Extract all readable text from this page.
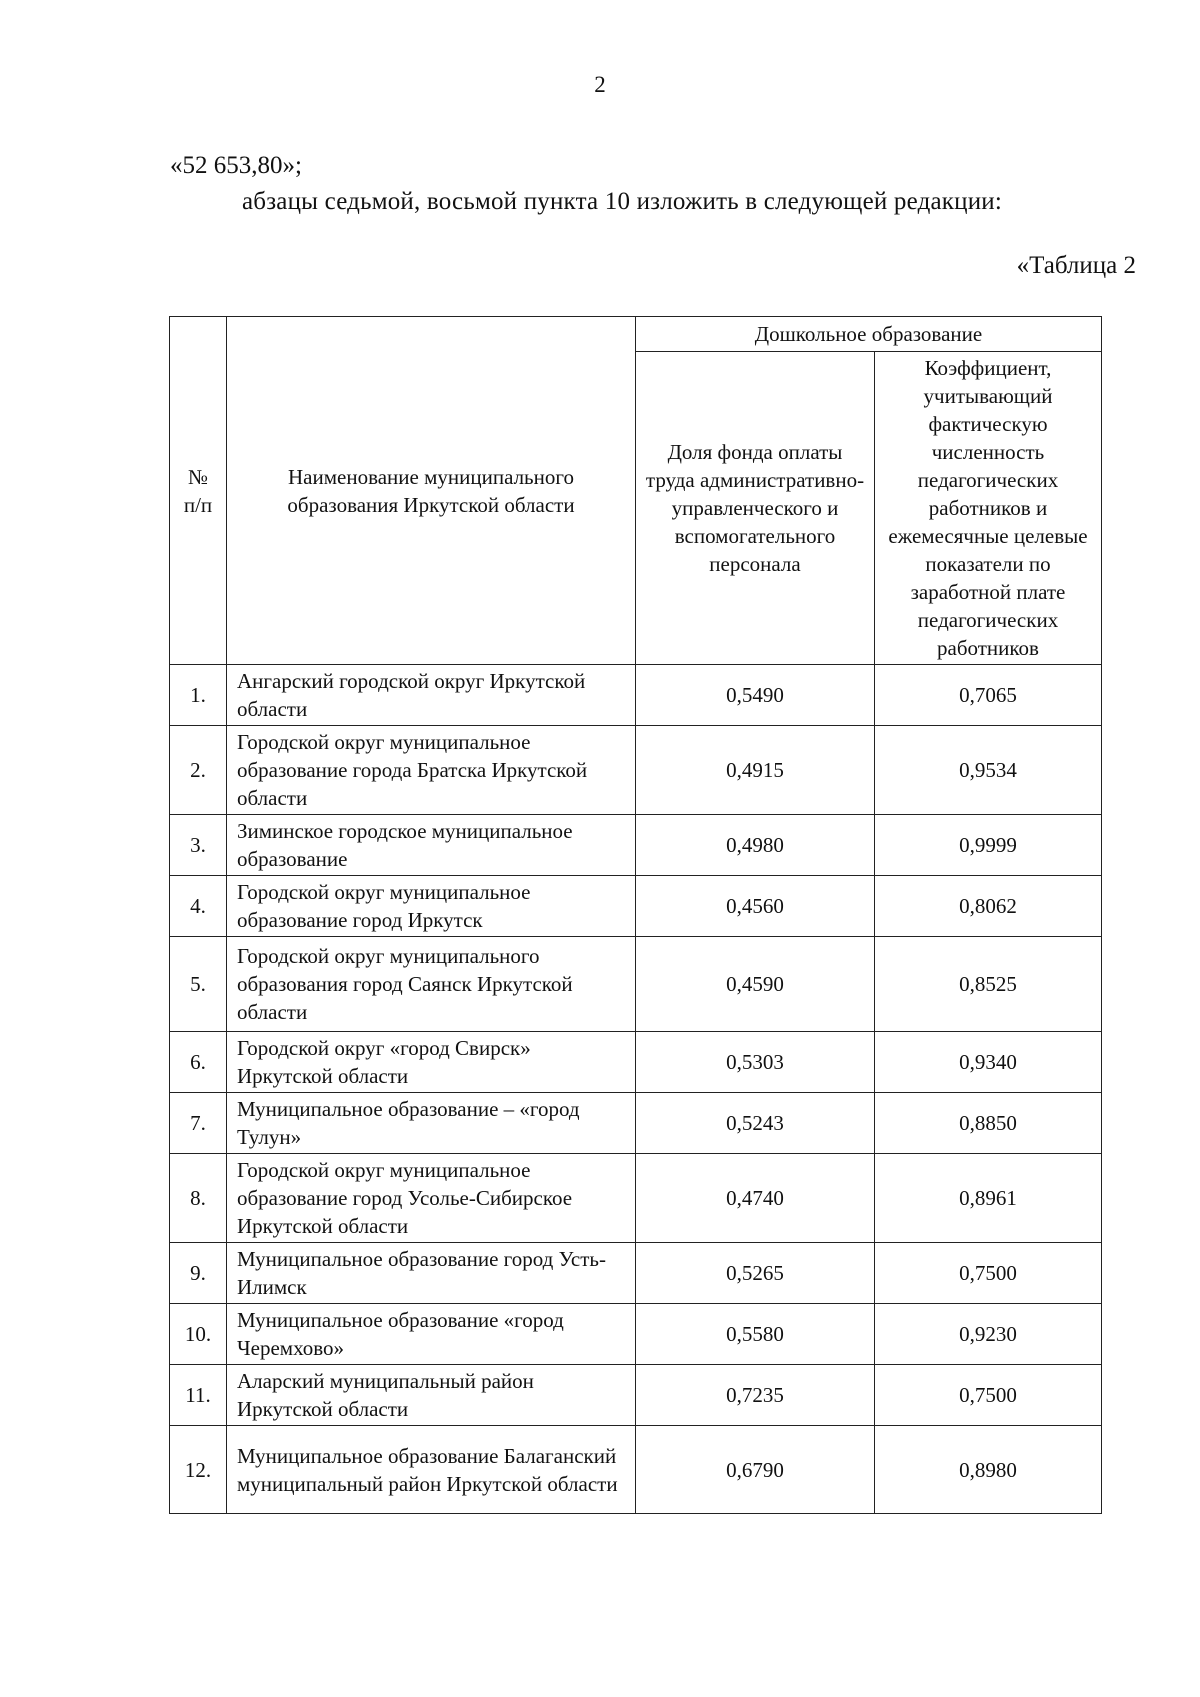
2
«52 653,80»;
абзацы седьмой, восьмой пункта 10 изложить в следующей редакции:
«Таблица 2
№ п/п	Наименование муниципального образования Иркутской области	Дошкольное образование	
		Доля фонда оплаты труда административно-управленческого и вспомогательного персонала	Коэффициент, учитывающий фактическую численность педагогических работников и ежемесячные целевые показатели по заработной плате педагогических работников
1.	Ангарский городской округ Иркутской области	0,5490	0,7065
2.	Городской округ муниципальное образование города Братска Иркутской области	0,4915	0,9534
3.	Зиминское городское муниципальное образование	0,4980	0,9999
4.	Городской округ муниципальное образование город Иркутск	0,4560	0,8062
5.	Городской округ муниципального образования город Саянск Иркутской области	0,4590	0,8525
6.	Городской округ «город Свирск» Иркутской области	0,5303	0,9340
7.	Муниципальное образование – «город Тулун»	0,5243	0,8850
8.	Городской округ муниципальное образование город Усолье-Сибирское Иркутской области	0,4740	0,8961
9.	Муниципальное образование город Усть-Илимск	0,5265	0,7500
10.	Муниципальное образование «город Черемхово»	0,5580	0,9230
11.	Аларский муниципальный район Иркутской области	0,7235	0,7500
12.	Муниципальное образование Балаганский муниципальный район Иркутской области	0,6790	0,8980
